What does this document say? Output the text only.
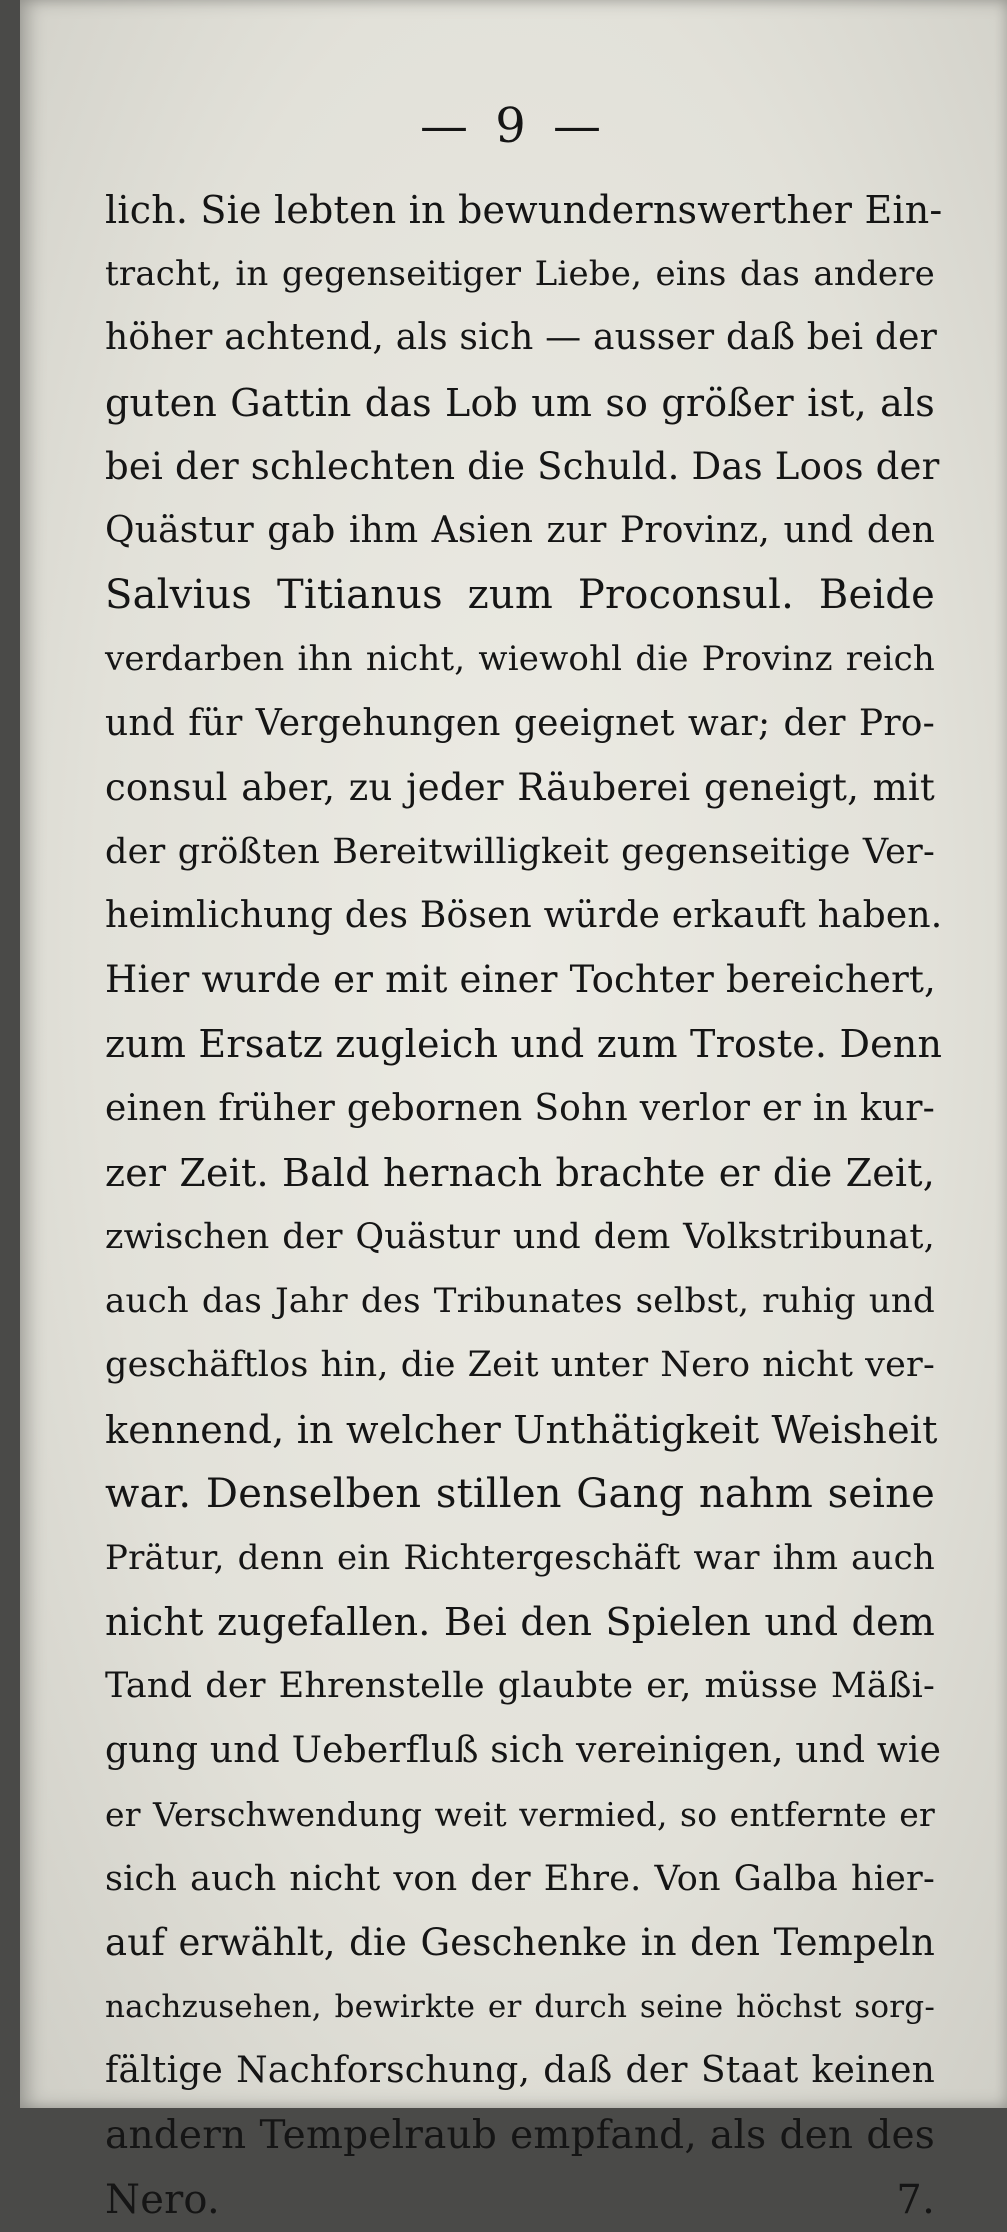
— 9 —
lich. Sie lebten in bewundernswerther Ein-
tracht, in gegenseitiger Liebe, eins das andere
höher achtend, als sich — ausser daß bei der
guten Gattin das Lob um so größer ist, als
bei der schlechten die Schuld. Das Loos der
Quästur gab ihm Asien zur Provinz, und den
Salvius Titianus zum Proconsul. Beide
verdarben ihn nicht, wiewohl die Provinz reich
und für Vergehungen geeignet war; der Pro-
consul aber, zu jeder Räuberei geneigt, mit
der größten Bereitwilligkeit gegenseitige Ver-
heimlichung des Bösen würde erkauft haben.
Hier wurde er mit einer Tochter bereichert,
zum Ersatz zugleich und zum Troste. Denn
einen früher gebornen Sohn verlor er in kur-
zer Zeit. Bald hernach brachte er die Zeit,
zwischen der Quästur und dem Volkstribunat,
auch das Jahr des Tribunates selbst, ruhig und
geschäftlos hin, die Zeit unter Nero nicht ver-
kennend, in welcher Unthätigkeit Weisheit
war. Denselben stillen Gang nahm seine
Prätur, denn ein Richtergeschäft war ihm auch
nicht zugefallen. Bei den Spielen und dem
Tand der Ehrenstelle glaubte er, müsse Mäßi-
gung und Ueberfluß sich vereinigen, und wie
er Verschwendung weit vermied, so entfernte er
sich auch nicht von der Ehre. Von Galba hier-
auf erwählt, die Geschenke in den Tempeln
nachzusehen, bewirkte er durch seine höchst sorg-
fältige Nachforschung, daß der Staat keinen
andern Tempelraub empfand, als den des
Nero.	7.
